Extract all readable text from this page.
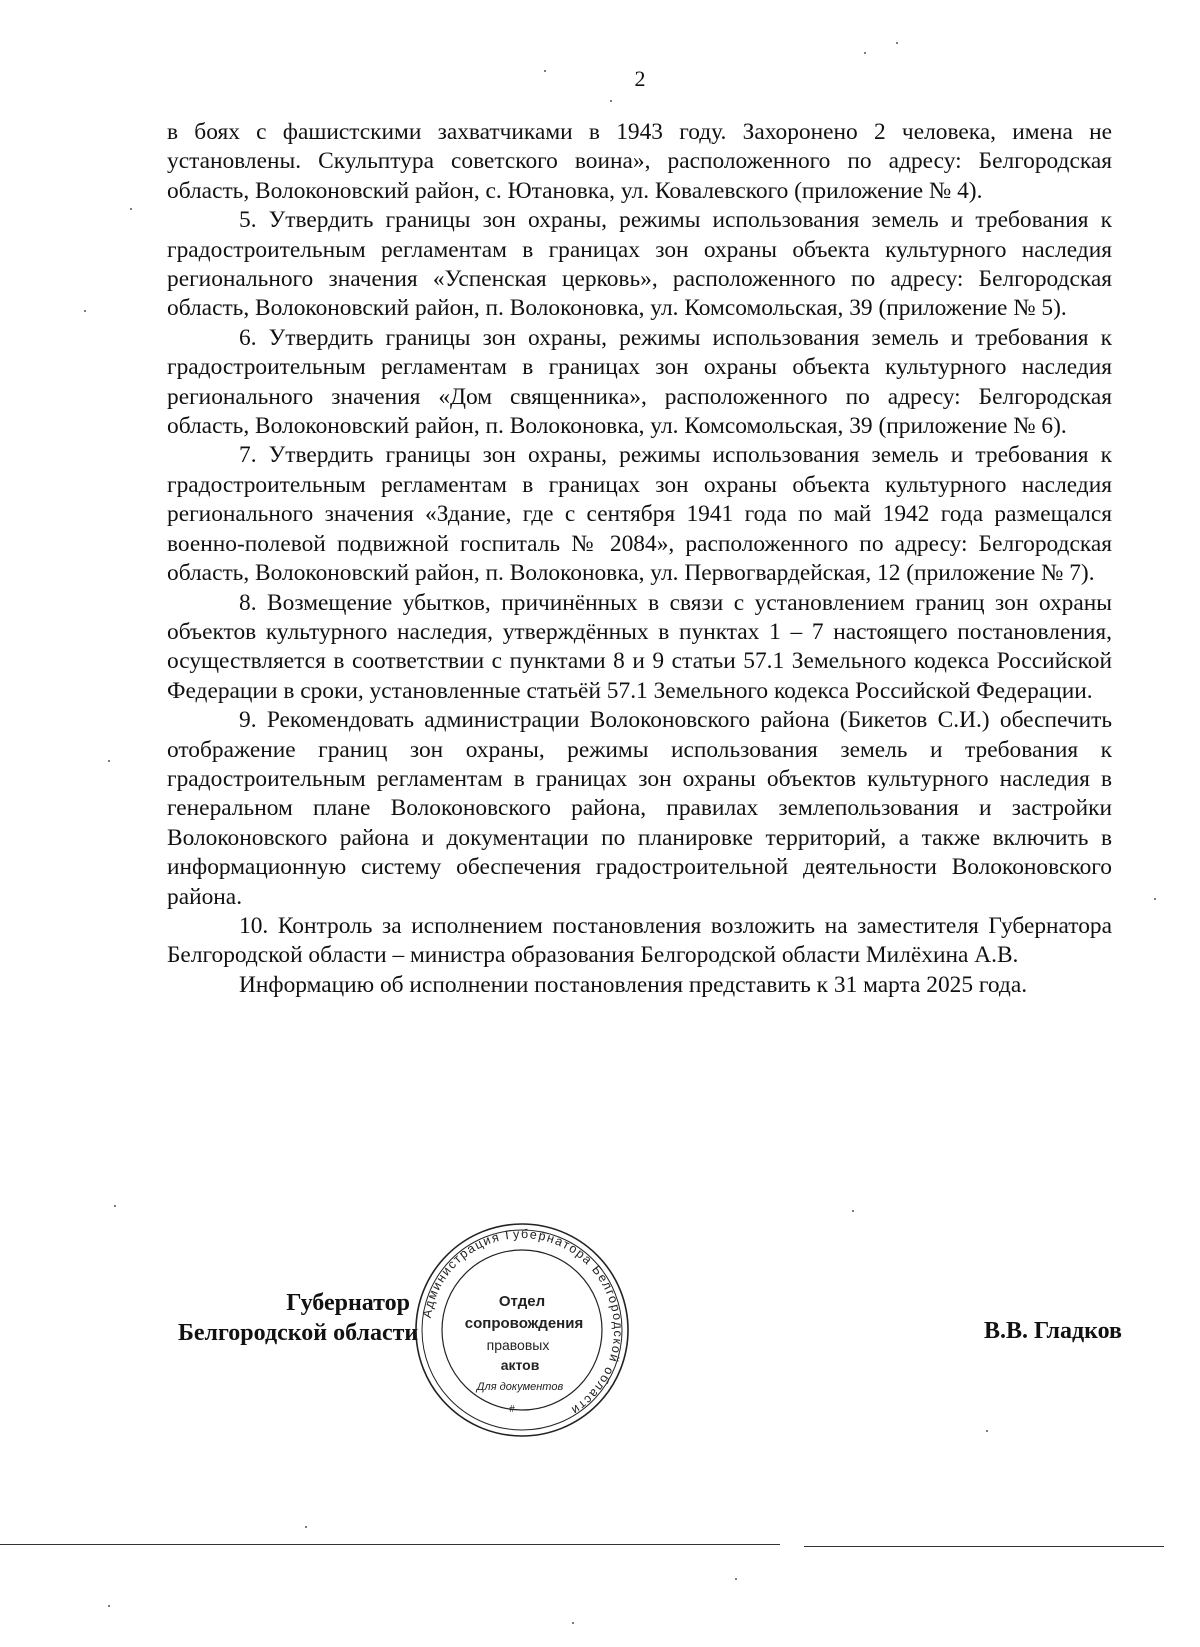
2

в боях с фашистскими захватчиками в 1943 году. Захоронено 2 человека, имена не установлены. Скульптура советского воина», расположенного по адресу: Белгородская область, Волоконовский район, с. Ютановка, ул. Ковалевского (приложение № 4).

5. Утвердить границы зон охраны, режимы использования земель и требования к градостроительным регламентам в границах зон охраны объекта культурного наследия регионального значения «Успенская церковь», расположенного по адресу: Белгородская область, Волоконовский район, п. Волоконовка, ул. Комсомольская, 39 (приложение № 5).

6. Утвердить границы зон охраны, режимы использования земель и требования к градостроительным регламентам в границах зон охраны объекта культурного наследия регионального значения «Дом священника», расположенного по адресу: Белгородская область, Волоконовский район, п. Волоконовка, ул. Комсомольская, 39 (приложение № 6).

7. Утвердить границы зон охраны, режимы использования земель и требования к градостроительным регламентам в границах зон охраны объекта культурного наследия регионального значения «Здание, где с сентября 1941 года по май 1942 года размещался военно-полевой подвижной госпиталь № 2084», расположенного по адресу: Белгородская область, Волоконовский район, п. Волоконовка, ул. Первогвардейская, 12 (приложение № 7).

8. Возмещение убытков, причинённых в связи с установлением границ зон охраны объектов культурного наследия, утверждённых в пунктах 1 – 7 настоящего постановления, осуществляется в соответствии с пунктами 8 и 9 статьи 57.1 Земельного кодекса Российской Федерации в сроки, установленные статьёй 57.1 Земельного кодекса Российской Федерации.

9. Рекомендовать администрации Волоконовского района (Бикетов С.И.) обеспечить отображение границ зон охраны, режимы использования земель и требования к градостроительным регламентам в границах зон охраны объектов культурного наследия в генеральном плане Волоконовского района, правилах землепользования и застройки Волоконовского района и документации по планировке территорий, а также включить в информационную систему обеспечения градостроительной деятельности Волоконовского района.

10. Контроль за исполнением постановления возложить на заместителя Губернатора Белгородской области – министра образования Белгородской области Милёхина А.В.

Информацию об исполнении постановления представить к 31 марта 2025 года.

Губернатор
Белгородской области	В.В. Гладков
Администрация Губернатора Белгородской области
Отдел
сопровождения
правовых
актов
Для документов
#
